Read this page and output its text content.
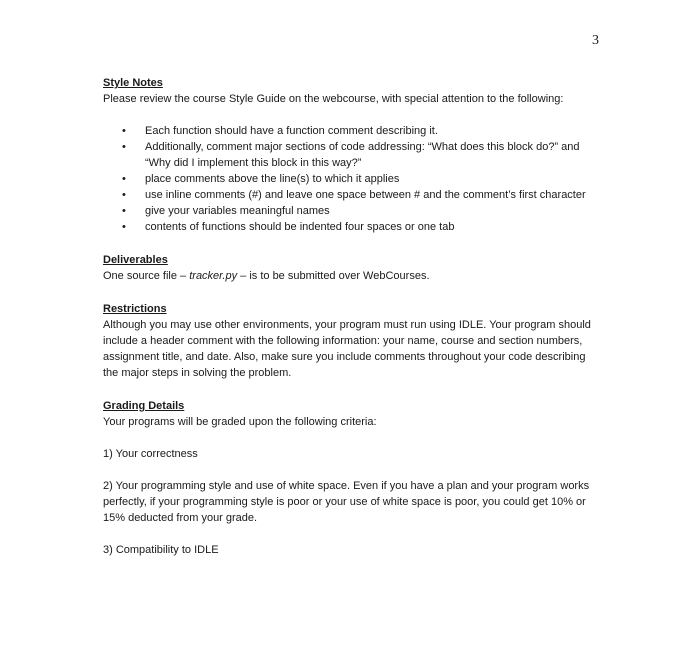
3

Style Notes

Please review the course Style Guide on the webcourse, with special attention to the following:

• Each function should have a function comment describing it.
• Additionally, comment major sections of code addressing: “What does this block do?” and “Why did I implement this block in this way?”
• place comments above the line(s) to which it applies
• use inline comments (#) and leave one space between # and the comment’s first character
• give your variables meaningful names
• contents of functions should be indented four spaces or one tab

Deliverables

One source file – tracker.py – is to be submitted over WebCourses.

Restrictions

Although you may use other environments, your program must run using IDLE. Your program should include a header comment with the following information: your name, course and section numbers, assignment title, and date. Also, make sure you include comments throughout your code describing the major steps in solving the problem.

Grading Details

Your programs will be graded upon the following criteria:

1) Your correctness

2) Your programming style and use of white space. Even if you have a plan and your program works perfectly, if your programming style is poor or your use of white space is poor, you could get 10% or 15% deducted from your grade.

3) Compatibility to IDLE
